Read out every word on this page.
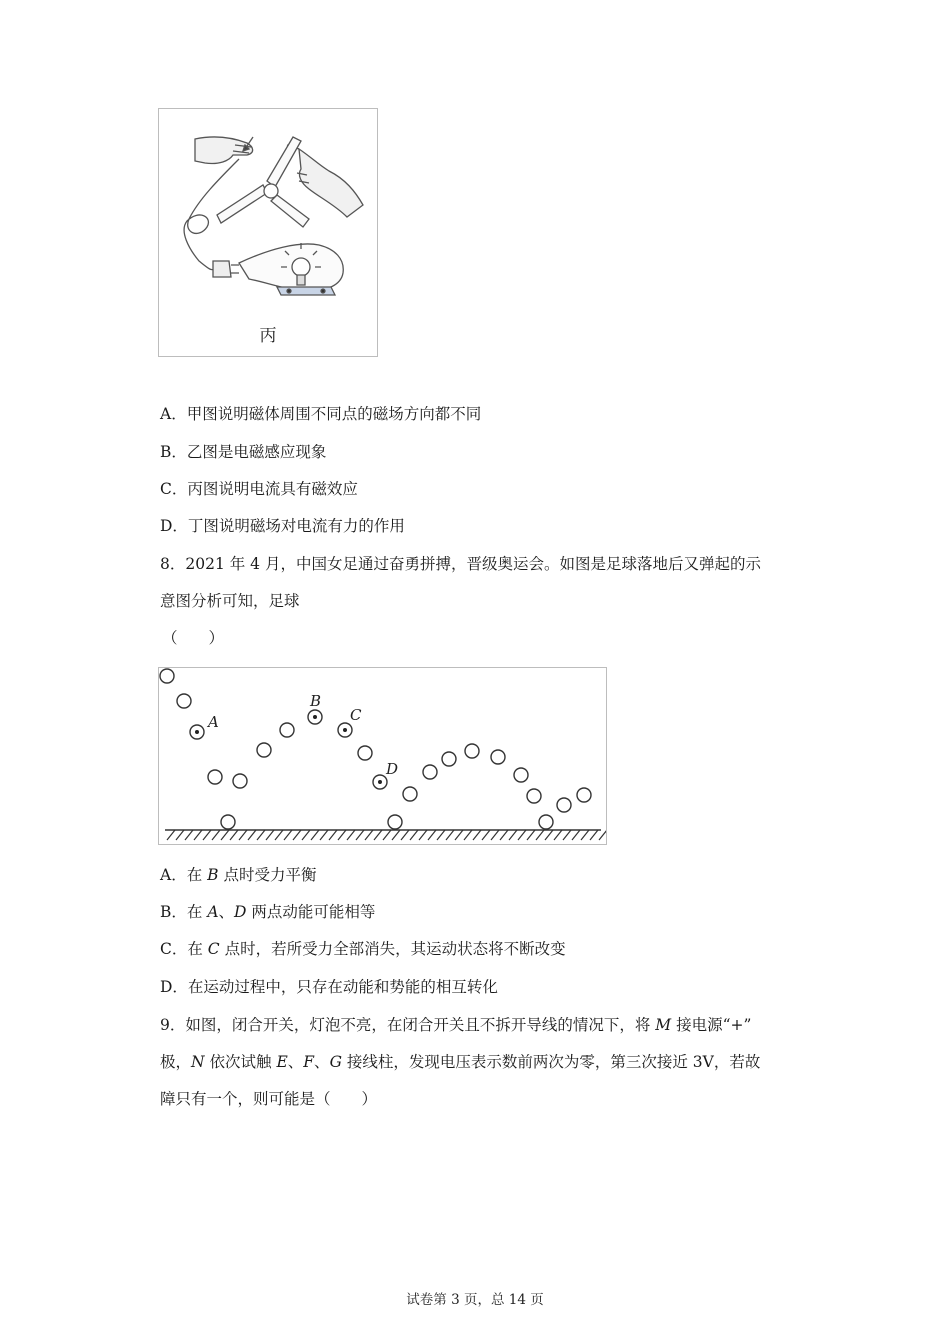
丙
A．甲图说明磁体周围不同点的磁场方向都不同
B．乙图是电磁感应现象
C．丙图说明电流具有磁效应
D．丁图说明磁场对电流有力的作用
8．2021 年 4 月，中国女足通过奋勇拼搏，晋级奥运会。如图是足球落地后又弹起的示
意图分析可知，足球
（　　）
A
B
C
D
A．在 B 点时受力平衡
B．在 A、D 两点动能可能相等
C．在 C 点时，若所受力全部消失，其运动状态将不断改变
D．在运动过程中，只存在动能和势能的相互转化
9．如图，闭合开关，灯泡不亮，在闭合开关且不拆开导线的情况下，将 M 接电源“+”
极，N 依次试触 E、F、G 接线柱，发现电压表示数前两次为零，第三次接近 3V，若故
障只有一个，则可能是（　　）
试卷第 3 页，总 14 页
